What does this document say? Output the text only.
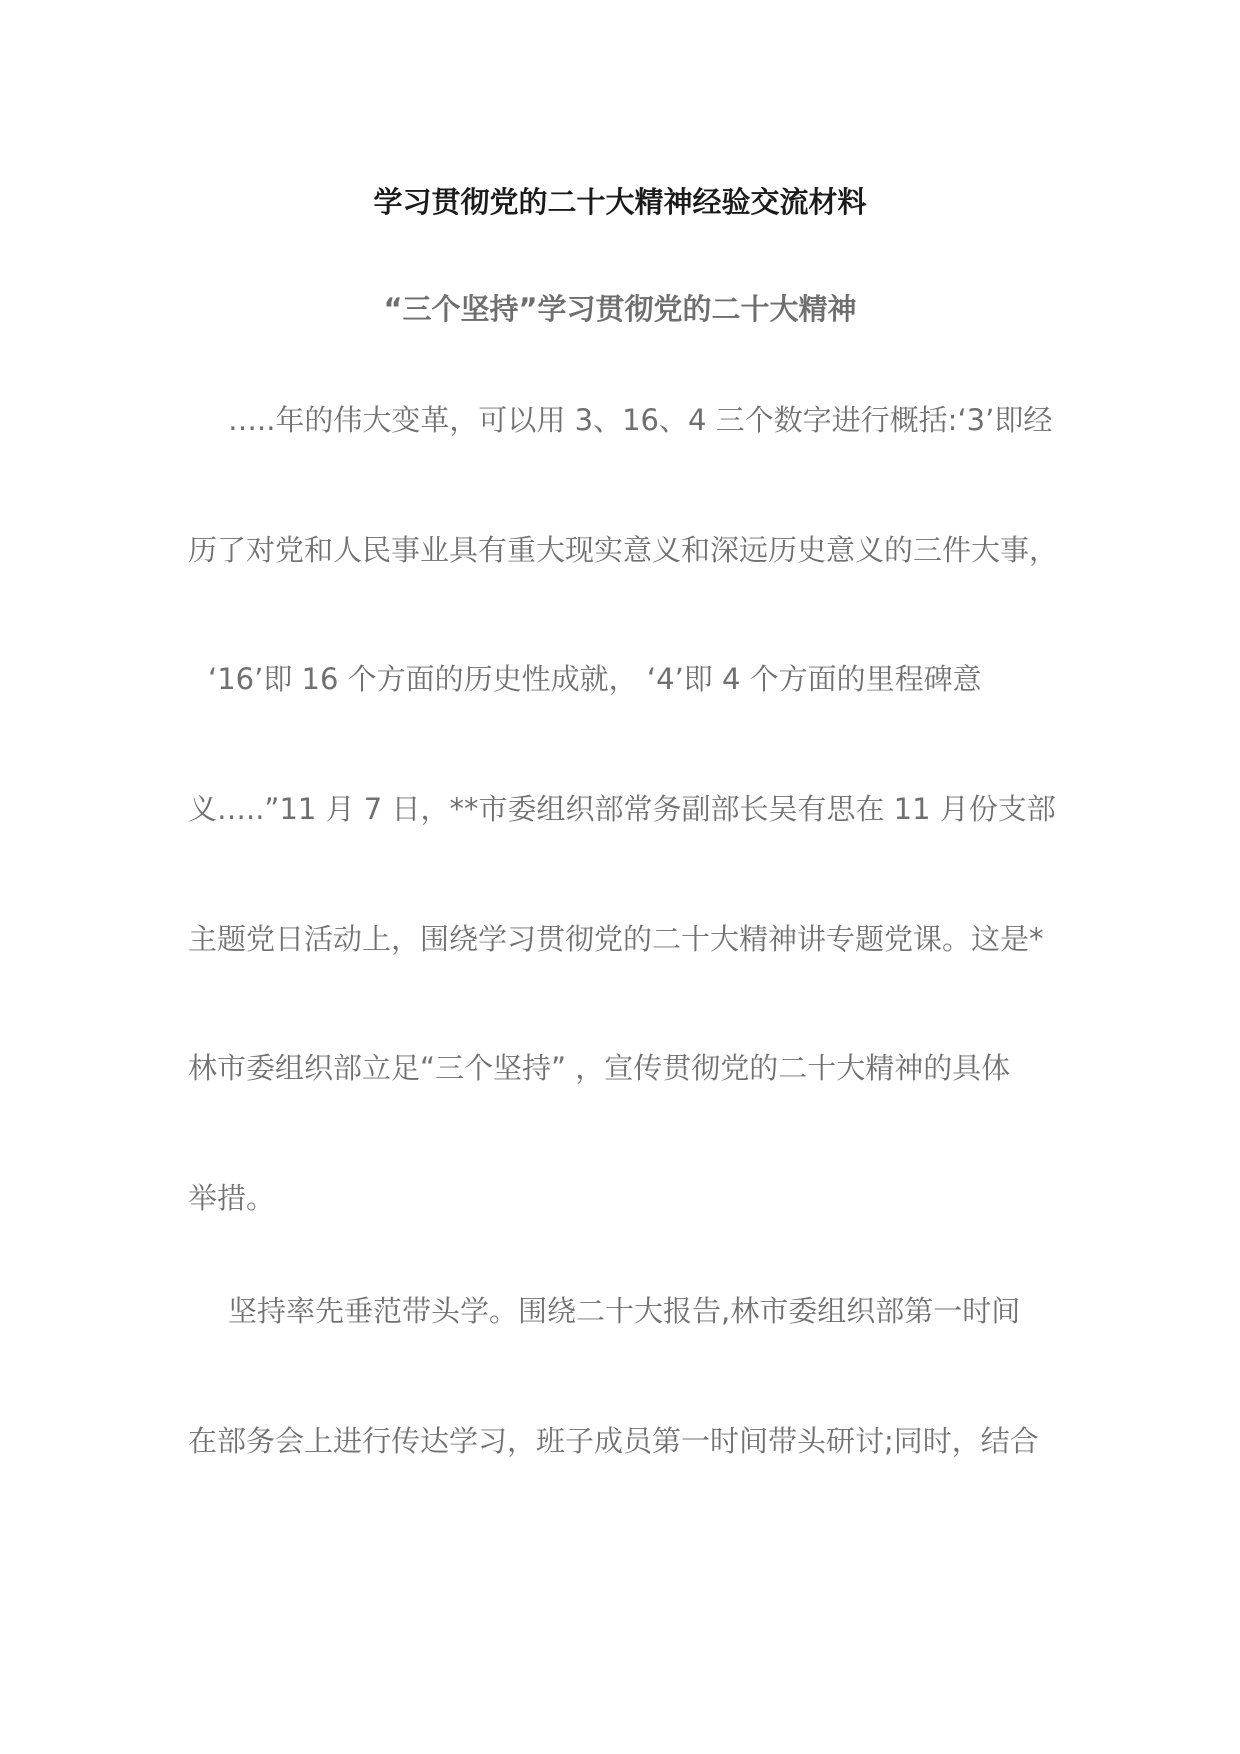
学习贯彻党的二十大精神经验交流材料
“三个坚持”学习贯彻党的二十大精神
…..年的伟大变革，可以用 3、16、4 三个数字进行概括:‘3’即经
历了对党和人民事业具有重大现实意义和深远历史意义的三件大事，
‘16’即 16 个方面的历史性成就， ‘4’即 4 个方面的里程碑意
义…..”11 月 7 日，**市委组织部常务副部长吴有思在 11 月份支部
主题党日活动上，围绕学习贯彻党的二十大精神讲专题党课。这是*
林市委组织部立足“三个坚持” ，宣传贯彻党的二十大精神的具体
举措。
坚持率先垂范带头学。围绕二十大报告,林市委组织部第一时间
在部务会上进行传达学习，班子成员第一时间带头研讨;同时，结合
